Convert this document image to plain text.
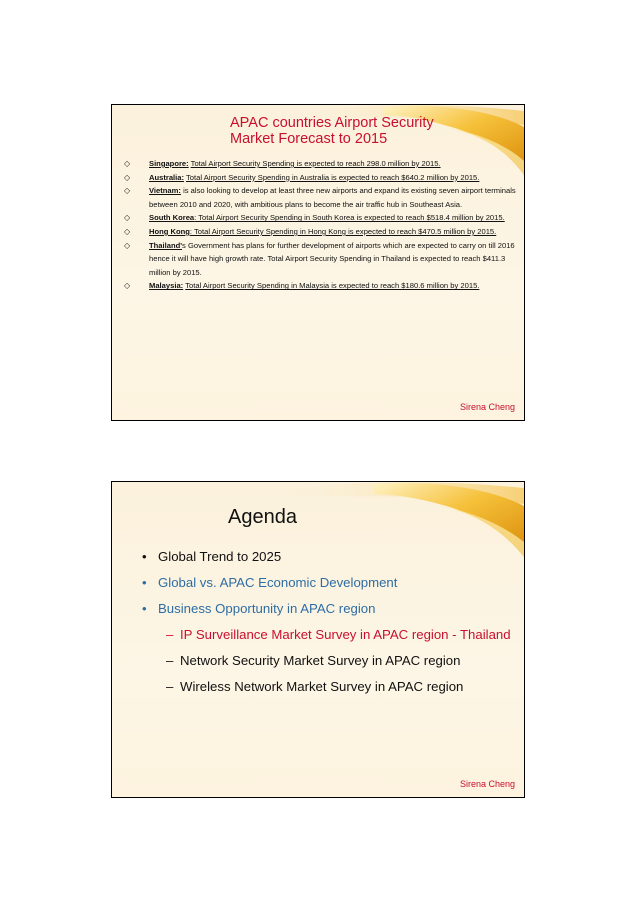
APAC countries Airport Security
Market Forecast to 2015
◇ Singapore: Total Airport Security Spending is expected to reach 298.0 million by 2015.
◇ Australia: Total Airport Security Spending in Australia is expected to reach $640.2 million by 2015.
◇ Vietnam: is also looking to develop at least three new airports and expand its existing seven airport terminals between 2010 and 2020, with ambitious plans to become the air traffic hub in Southeast Asia.
◇ South Korea: Total Airport Security Spending in South Korea is expected to reach $518.4 million by 2015.
◇ Hong Kong: Total Airport Security Spending in Hong Kong is expected to reach $470.5 million by 2015.
◇ Thailand's Government has plans for further development of airports which are expected to carry on till 2016 hence it will have high growth rate. Total Airport Security Spending in Thailand is expected to reach $411.3 million by 2015.
◇ Malaysia: Total Airport Security Spending in Malaysia is expected to reach $180.6 million by 2015.
Sirena Cheng
Agenda
• Global Trend to 2025
• Global vs. APAC Economic Development
• Business Opportunity in APAC region
– IP Surveillance Market Survey in APAC region - Thailand
– Network Security Market Survey in APAC region
– Wireless Network Market Survey in APAC region
Sirena Cheng
